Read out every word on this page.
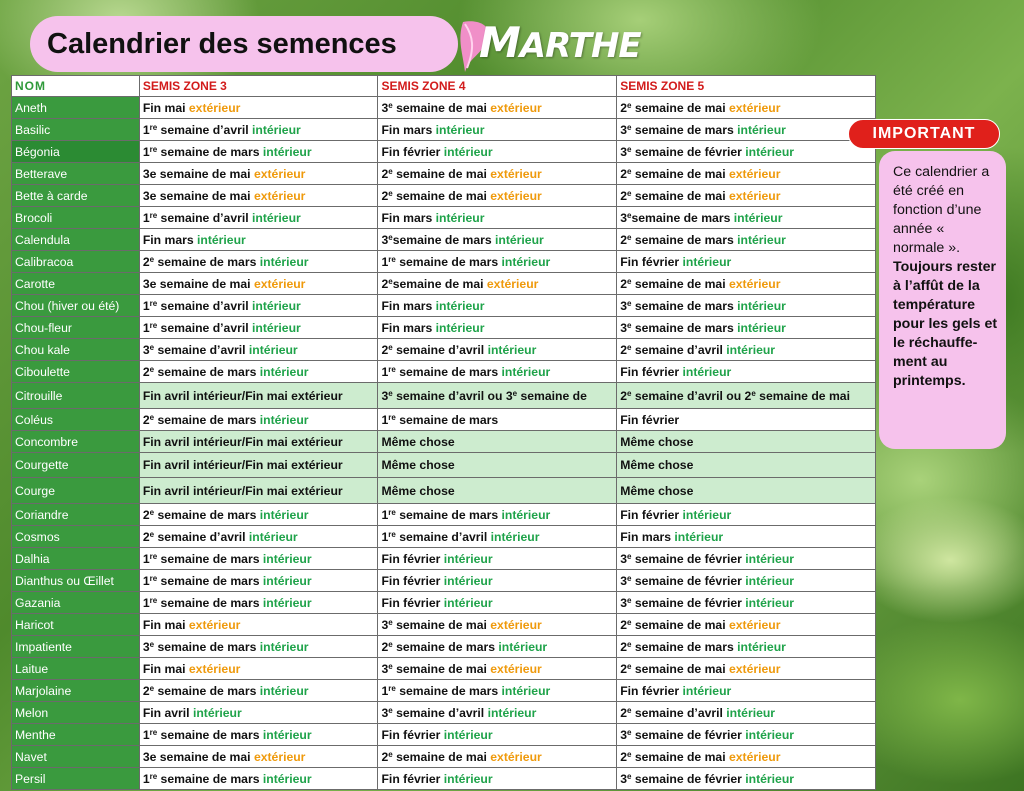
Calendrier des semences	MARTHE
NOM	SEMIS ZONE 3	SEMIS ZONE 4	SEMIS ZONE 5
Aneth	Fin mai extérieur	3e semaine de mai extérieur	2e semaine de mai extérieur
Basilic	1re semaine d’avril intérieur	Fin mars intérieur	3e semaine de mars intérieur
Bégonia	1re semaine de mars intérieur	Fin février intérieur	3e semaine de février intérieur
Betterave	3e semaine de mai extérieur	2e semaine de mai extérieur	2e semaine de mai extérieur
Bette à carde	3e semaine de mai extérieur	2e semaine de mai extérieur	2e semaine de mai extérieur
Brocoli	1re semaine d’avril intérieur	Fin mars intérieur	3esemaine de mars intérieur
Calendula	Fin mars intérieur	3esemaine de mars intérieur	2e semaine de mars intérieur
Calibracoa	2e semaine de mars intérieur	1re semaine de mars intérieur	Fin février intérieur
Carotte	3e semaine de mai extérieur	2esemaine de mai extérieur	2e semaine de mai extérieur
Chou (hiver ou été)	1re semaine d’avril intérieur	Fin mars intérieur	3e semaine de mars intérieur
Chou-fleur	1re semaine d’avril intérieur	Fin mars intérieur	3e semaine de mars intérieur
Chou kale	3e semaine d’avril intérieur	2e semaine d’avril intérieur	2e semaine d’avril intérieur
Ciboulette	2e semaine de mars intérieur	1re semaine de mars intérieur	Fin février intérieur
Citrouille	Fin avril intérieur/Fin mai extérieur	3e semaine d’avril ou 3e semaine de	2e semaine d’avril ou 2e semaine de mai
Coléus	2e semaine de mars intérieur	1re semaine de mars	Fin février
Concombre	Fin avril intérieur/Fin mai extérieur	Même chose	Même chose
Courgette	Fin avril intérieur/Fin mai extérieur	Même chose	Même chose
Courge	Fin avril intérieur/Fin mai extérieur	Même chose	Même chose
Coriandre	2e semaine de mars intérieur	1re semaine de mars intérieur	Fin février intérieur
Cosmos	2e semaine d’avril intérieur	1re semaine d’avril intérieur	Fin mars intérieur
Dalhia	1re semaine de mars intérieur	Fin février intérieur	3e semaine de février intérieur
Dianthus ou Œillet	1re semaine de mars intérieur	Fin février intérieur	3e semaine de février intérieur
Gazania	1re semaine de mars intérieur	Fin février intérieur	3e semaine de février intérieur
Haricot	Fin mai extérieur	3e semaine de mai extérieur	2e semaine de mai extérieur
Impatiente	3e semaine de mars intérieur	2e semaine de mars intérieur	2e semaine de mars intérieur
Laitue	Fin mai extérieur	3e semaine de mai extérieur	2e semaine de mai extérieur
Marjolaine	2e semaine de mars intérieur	1re semaine de mars intérieur	Fin février intérieur
Melon	Fin avril intérieur	3e semaine d’avril intérieur	2e semaine d’avril intérieur
Menthe	1re semaine de mars intérieur	Fin février intérieur	3e semaine de février intérieur
Navet	3e semaine de mai extérieur	2e semaine de mai extérieur	2e semaine de mai extérieur
Persil	1re semaine de mars intérieur	Fin février intérieur	3e semaine de février intérieur
IMPORTANT
Ce calendrier a été créé en fonction d’une année « normale ».
Toujours rester à l’affût de la température pour les gels et le réchauffe-ment au printemps.
